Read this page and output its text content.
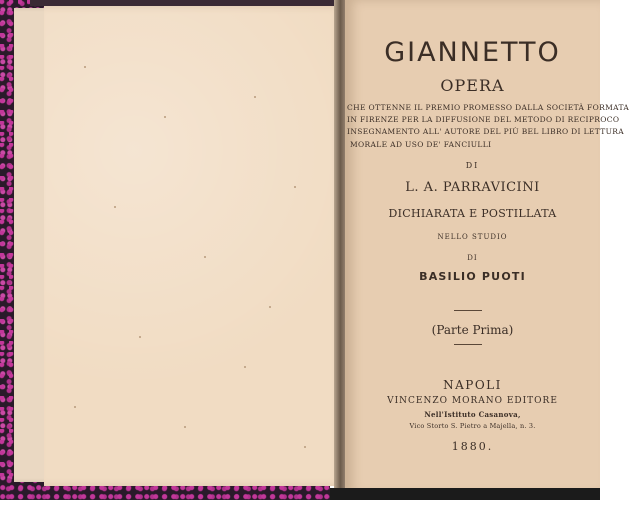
GIANNETTO
OPERA
CHE OTTENNE IL PREMIO PROMESSO DALLA SOCIETÀ FORMATA
IN FIRENZE PER LA DIFFUSIONE DEL METODO DI RECIPROCO
INSEGNAMENTO ALL' AUTORE DEL PIÙ BEL LIBRO DI LETTURA
MORALE AD USO DE' FANCIULLI
DI
L. A. PARRAVICINI
DICHIARATA E POSTILLATA
NELLO STUDIO
DI
BASILIO PUOTI
(Parte Prima)
NAPOLI
VINCENZO MORANO EDITORE
Nell'Istituto Casanova,
Vico Storto S. Pietro a Majella, n. 3.
1880.
